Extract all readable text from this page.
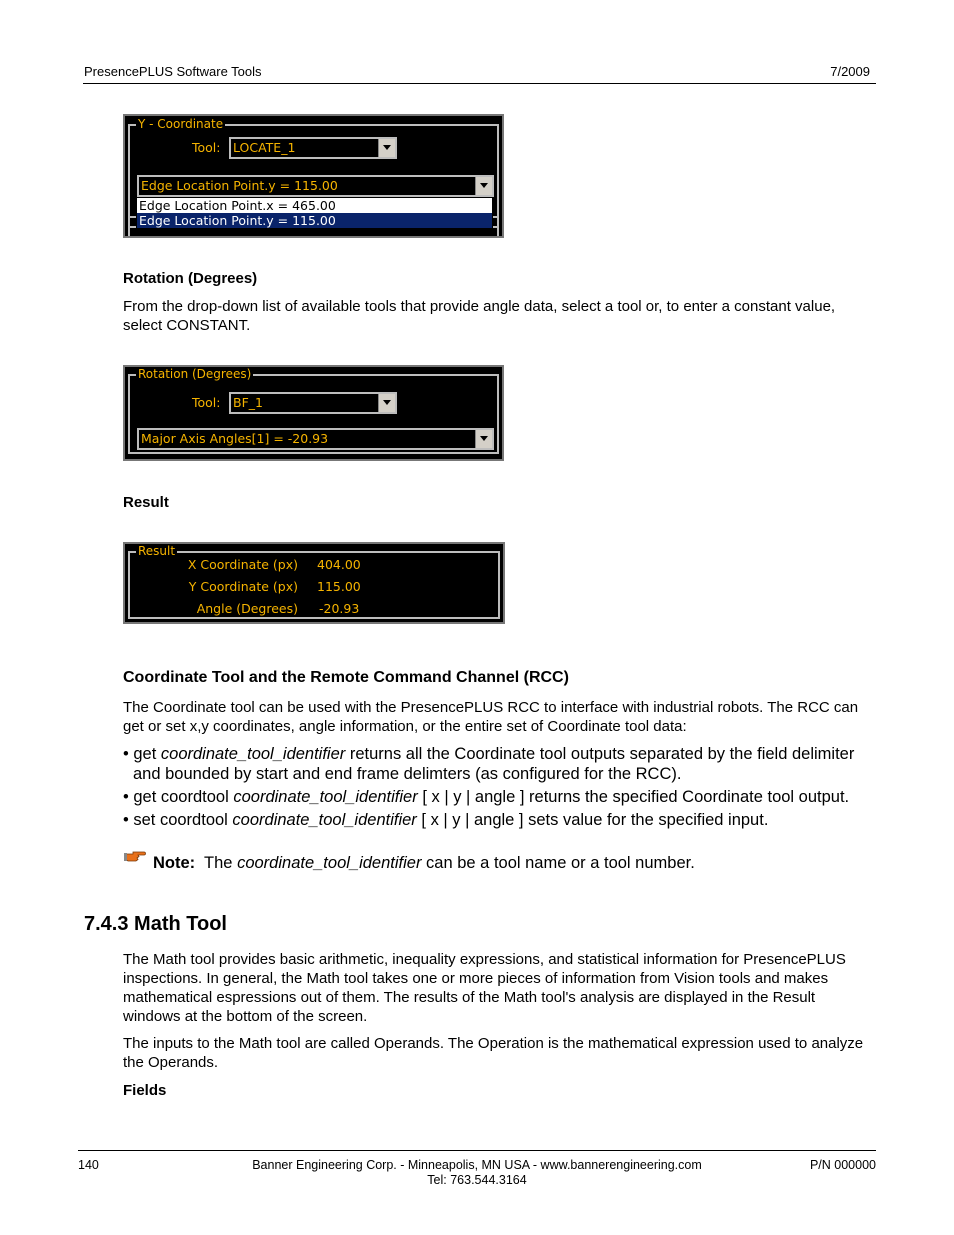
PresencePLUS Software Tools	7/2009
Y - Coordinate
Tool:	LOCATE_1
Edge Location Point.y = 115.00
Edge Location Point.x = 465.00
Edge Location Point.y = 115.00
Rotation (Degrees)
From the drop-down list of available tools that provide angle data, select a tool or, to enter a constant value, select CONSTANT.
Rotation (Degrees)
Tool:	BF_1
Major Axis Angles[1] = -20.93
Result
Result
X Coordinate (px) 404.00
Y Coordinate (px) 115.00
Angle (Degrees) -20.93
Coordinate Tool and the Remote Command Channel (RCC)
The Coordinate tool can be used with the PresencePLUS RCC to interface with industrial robots. The RCC can get or set x,y coordinates, angle information, or the entire set of Coordinate tool data:
• get coordinate_tool_identifier returns all the Coordinate tool outputs separated by the field delimiter
and bounded by start and end frame delimters (as configured for the RCC).
• get coordtool coordinate_tool_identifier [ x | y | angle ] returns the specified Coordinate tool output.
• set coordtool coordinate_tool_identifier [ x | y | angle ] sets value for the specified input.
Note: The coordinate_tool_identifier can be a tool name or a tool number.
7.4.3 Math Tool
The Math tool provides basic arithmetic, inequality expressions, and statistical information for PresencePLUS inspections. In general, the Math tool takes one or more pieces of information from Vision tools and makes mathematical espressions out of them. The results of the Math tool's analysis are displayed in the Result windows at the bottom of the screen.
The inputs to the Math tool are called Operands. The Operation is the mathematical expression used to analyze the Operands.
Fields
140	Banner Engineering Corp. - Minneapolis, MN USA - www.bannerengineering.com
Tel: 763.544.3164
P/N 000000
